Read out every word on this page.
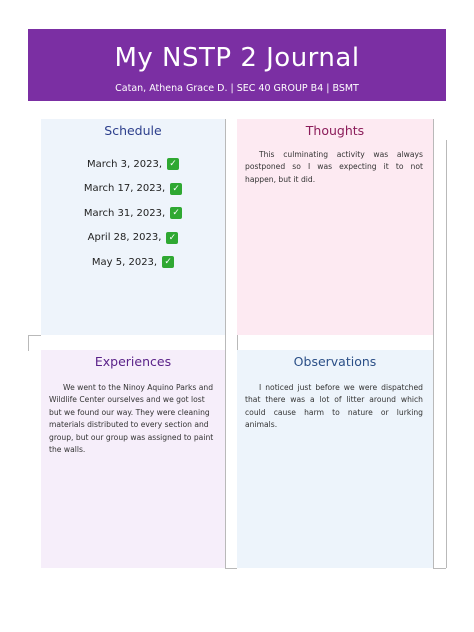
My NSTP 2 Journal
Catan, Athena Grace D. | SEC 40 GROUP B4 | BSMT
Schedule
March 3, 2023, ✓
March 17, 2023, ✓
March 31, 2023, ✓
April 28, 2023, ✓
May 5, 2023, ✓
Thoughts
This culminating activity was always postponed so I was expecting it to not happen, but it did.
Experiences
We went to the Ninoy Aquino Parks and Wildlife Center ourselves and we got lost but we found our way. They were cleaning materials distributed to every section and group, but our group was assigned to paint the walls.
Observations
I noticed just before we were dispatched that there was a lot of litter around which could cause harm to nature or lurking animals.
